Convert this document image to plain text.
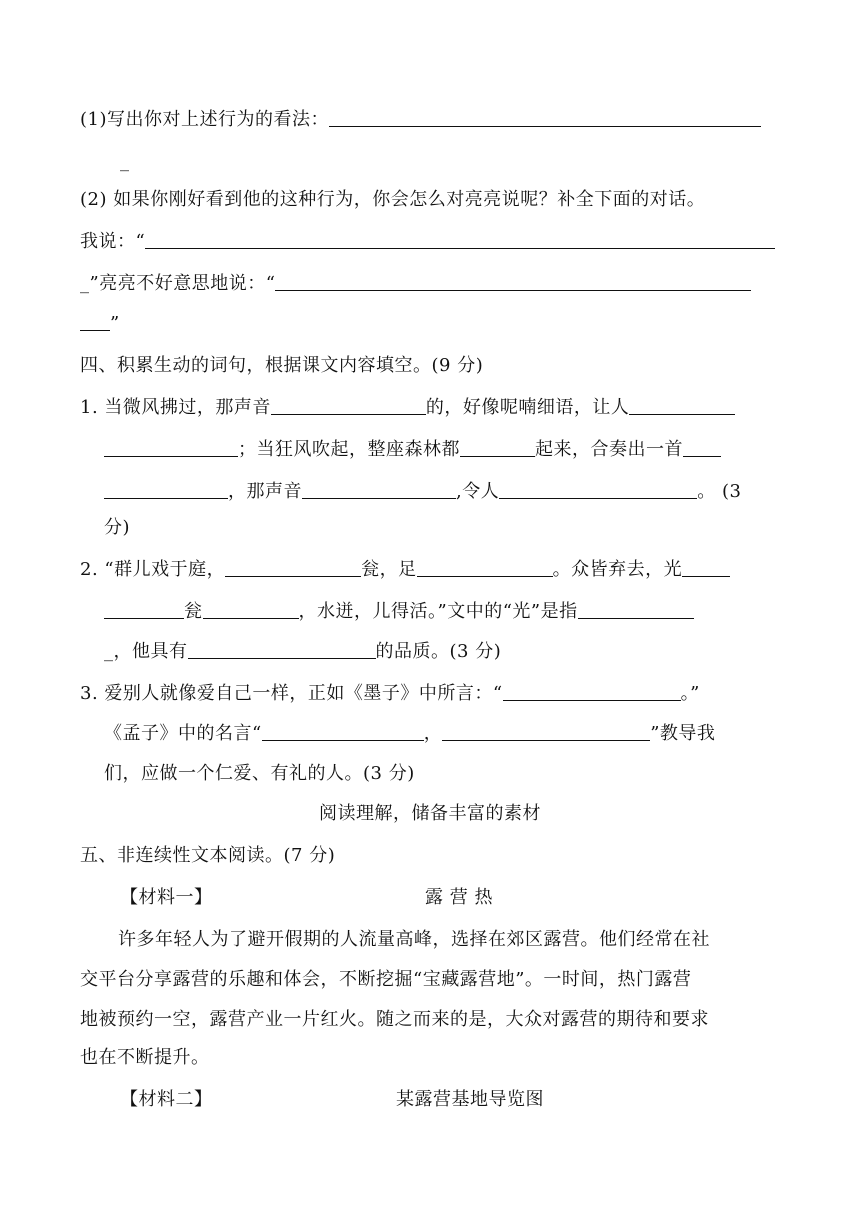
(1)写出你对上述行为的看法：
_
(2) 如果你刚好看到他的这种行为，你会怎么对亮亮说呢？补全下面的对话。
我说：“
_”亮亮不好意思地说：“
”
四、积累生动的词句，根据课文内容填空。(9 分)
1. 当微风拂过，那声音	的，好像呢喃细语，让人
；当狂风吹起，整座森林都	起来，合奏出一首
，那声音	,令人	。 (3
分)
2. “群儿戏于庭，	瓮，足	。众皆弃去，光
瓮	，水迸，儿得活。”文中的“光”是指
_，他具有	的品质。(3 分)
3. 爱别人就像爱自己一样，正如《墨子》中所言：“	。”
《孟子》中的名言“	，	”教导我
们，应做一个仁爱、有礼的人。(3 分)
阅读理解，储备丰富的素材
五、非连续性文本阅读。(7 分)
【材料一】	露 营 热
许多年轻人为了避开假期的人流量高峰，选择在郊区露营。他们经常在社
交平台分享露营的乐趣和体会，不断挖掘“宝藏露营地”。一时间，热门露营
地被预约一空，露营产业一片红火。随之而来的是，大众对露营的期待和要求
也在不断提升。
【材料二】	某露营基地导览图
